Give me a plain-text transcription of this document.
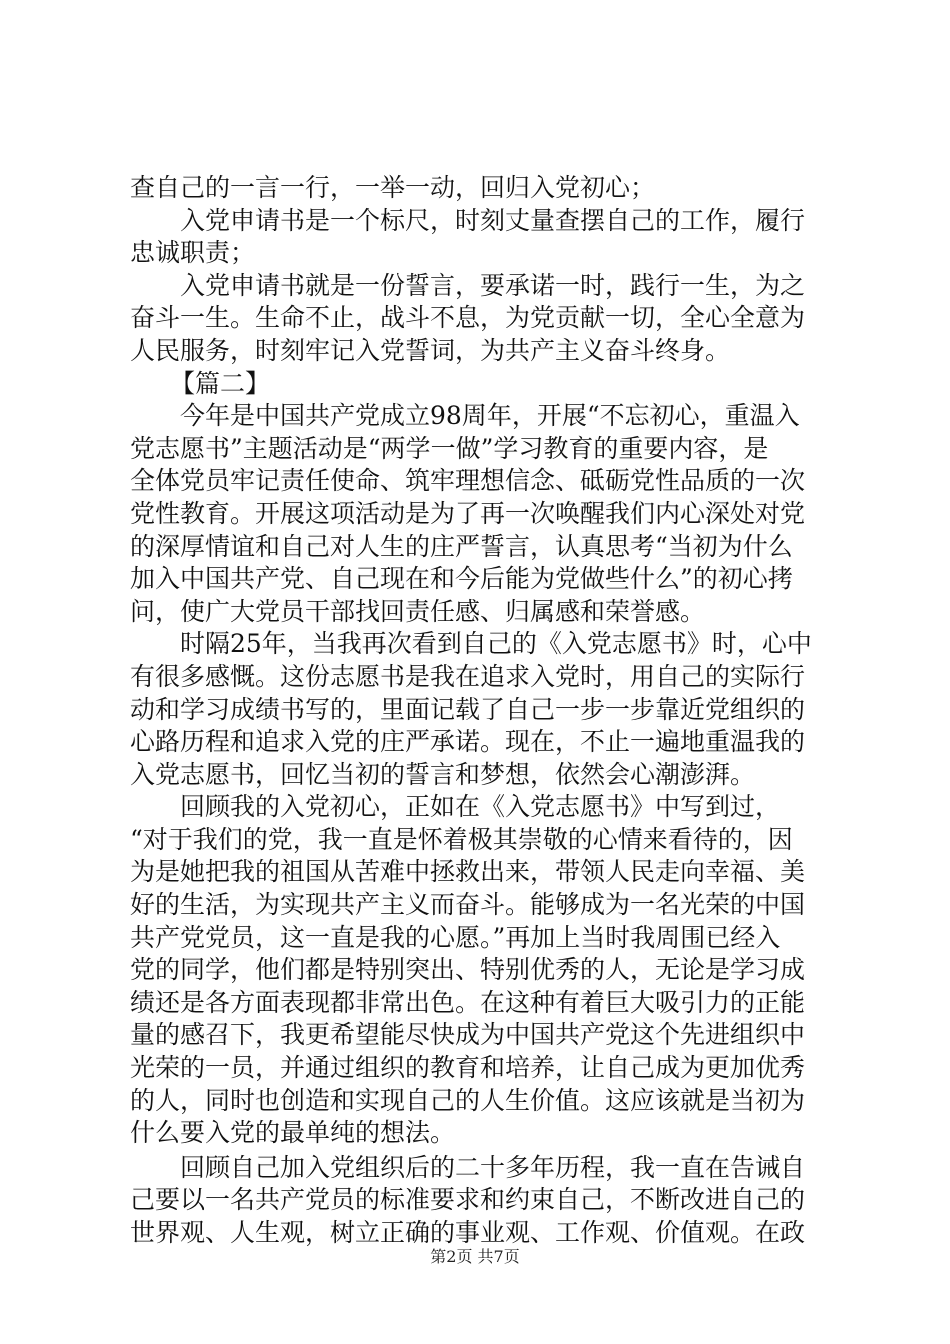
查自己的一言一行，一举一动，回归入党初心；
入党申请书是一个标尺，时刻丈量查摆自己的工作，履行
忠诚职责；
入党申请书就是一份誓言，要承诺一时，践行一生，为之
奋斗一生。生命不止，战斗不息，为党贡献一切，全心全意为
人民服务，时刻牢记入党誓词，为共产主义奋斗终身。
【篇二】
今年是中国共产党成立98周年，开展“不忘初心，重温入
党志愿书”主题活动是“两学一做”学习教育的重要内容，是
全体党员牢记责任使命、筑牢理想信念、砥砺党性品质的一次
党性教育。开展这项活动是为了再一次唤醒我们内心深处对党
的深厚情谊和自己对人生的庄严誓言，认真思考“当初为什么
加入中国共产党、自己现在和今后能为党做些什么”的初心拷
问，使广大党员干部找回责任感、归属感和荣誉感。
时隔25年，当我再次看到自己的《入党志愿书》时，心中
有很多感慨。这份志愿书是我在追求入党时，用自己的实际行
动和学习成绩书写的，里面记载了自己一步一步靠近党组织的
心路历程和追求入党的庄严承诺。现在，不止一遍地重温我的
入党志愿书，回忆当初的誓言和梦想，依然会心潮澎湃。
回顾我的入党初心，正如在《入党志愿书》中写到过，
“对于我们的党，我一直是怀着极其崇敬的心情来看待的，因
为是她把我的祖国从苦难中拯救出来，带领人民走向幸福、美
好的生活，为实现共产主义而奋斗。能够成为一名光荣的中国
共产党党员，这一直是我的心愿。”再加上当时我周围已经入
党的同学，他们都是特别突出、特别优秀的人，无论是学习成
绩还是各方面表现都非常出色。在这种有着巨大吸引力的正能
量的感召下，我更希望能尽快成为中国共产党这个先进组织中
光荣的一员，并通过组织的教育和培养，让自己成为更加优秀
的人，同时也创造和实现自己的人生价值。这应该就是当初为
什么要入党的最单纯的想法。
回顾自己加入党组织后的二十多年历程，我一直在告诫自
己要以一名共产党员的标准要求和约束自己，不断改进自己的
世界观、人生观，树立正确的事业观、工作观、价值观。在政
第2页 共7页
